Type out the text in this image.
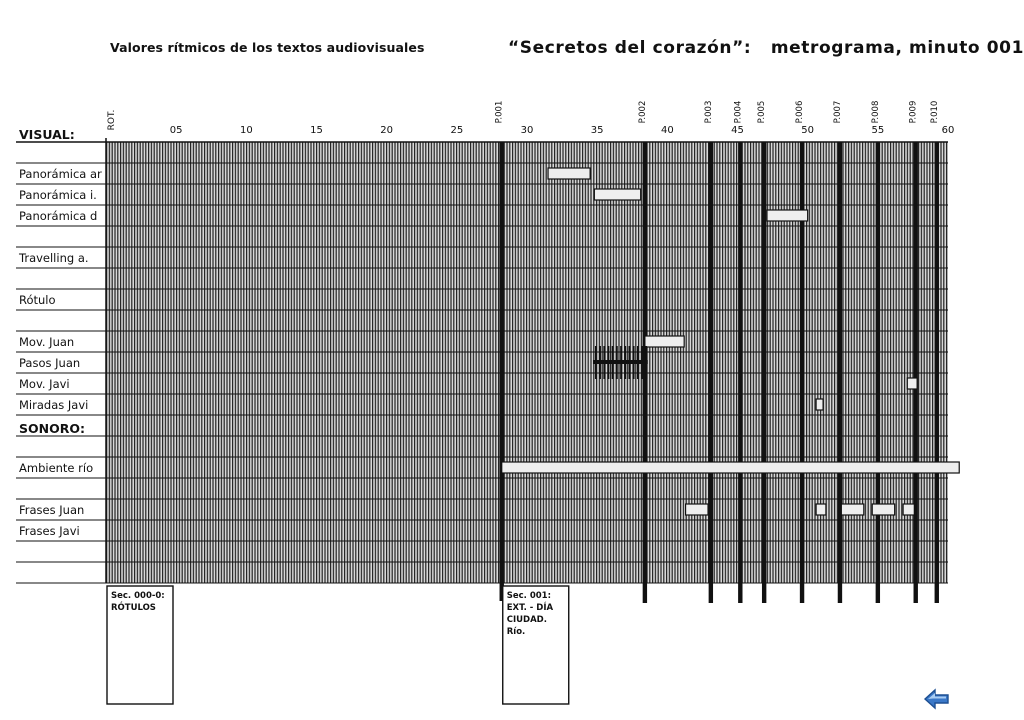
Valores rítmicos de los textos audiovisuales	“Secretos del corazón”:   metrograma, minuto 001
VISUAL:
Panorámica ar
Panorámica i.
Panorámica d
Travelling a.
Rótulo
Mov. Juan
Pasos Juan
Mov. Javi
Miradas Javi
SONORO:
Ambiente río
Frases Juan
Frases Javi
ROT.
05	10	15	20	25	30	35	40	45	50	55	60
P.001	P.002	P.003 P.004 P.005	P.006	P.007	P.008	P.009 P.010
Sec. 000-0:
RÓTULOS
Sec. 001:
EXT. - DÍA
CIUDAD.
Río.
